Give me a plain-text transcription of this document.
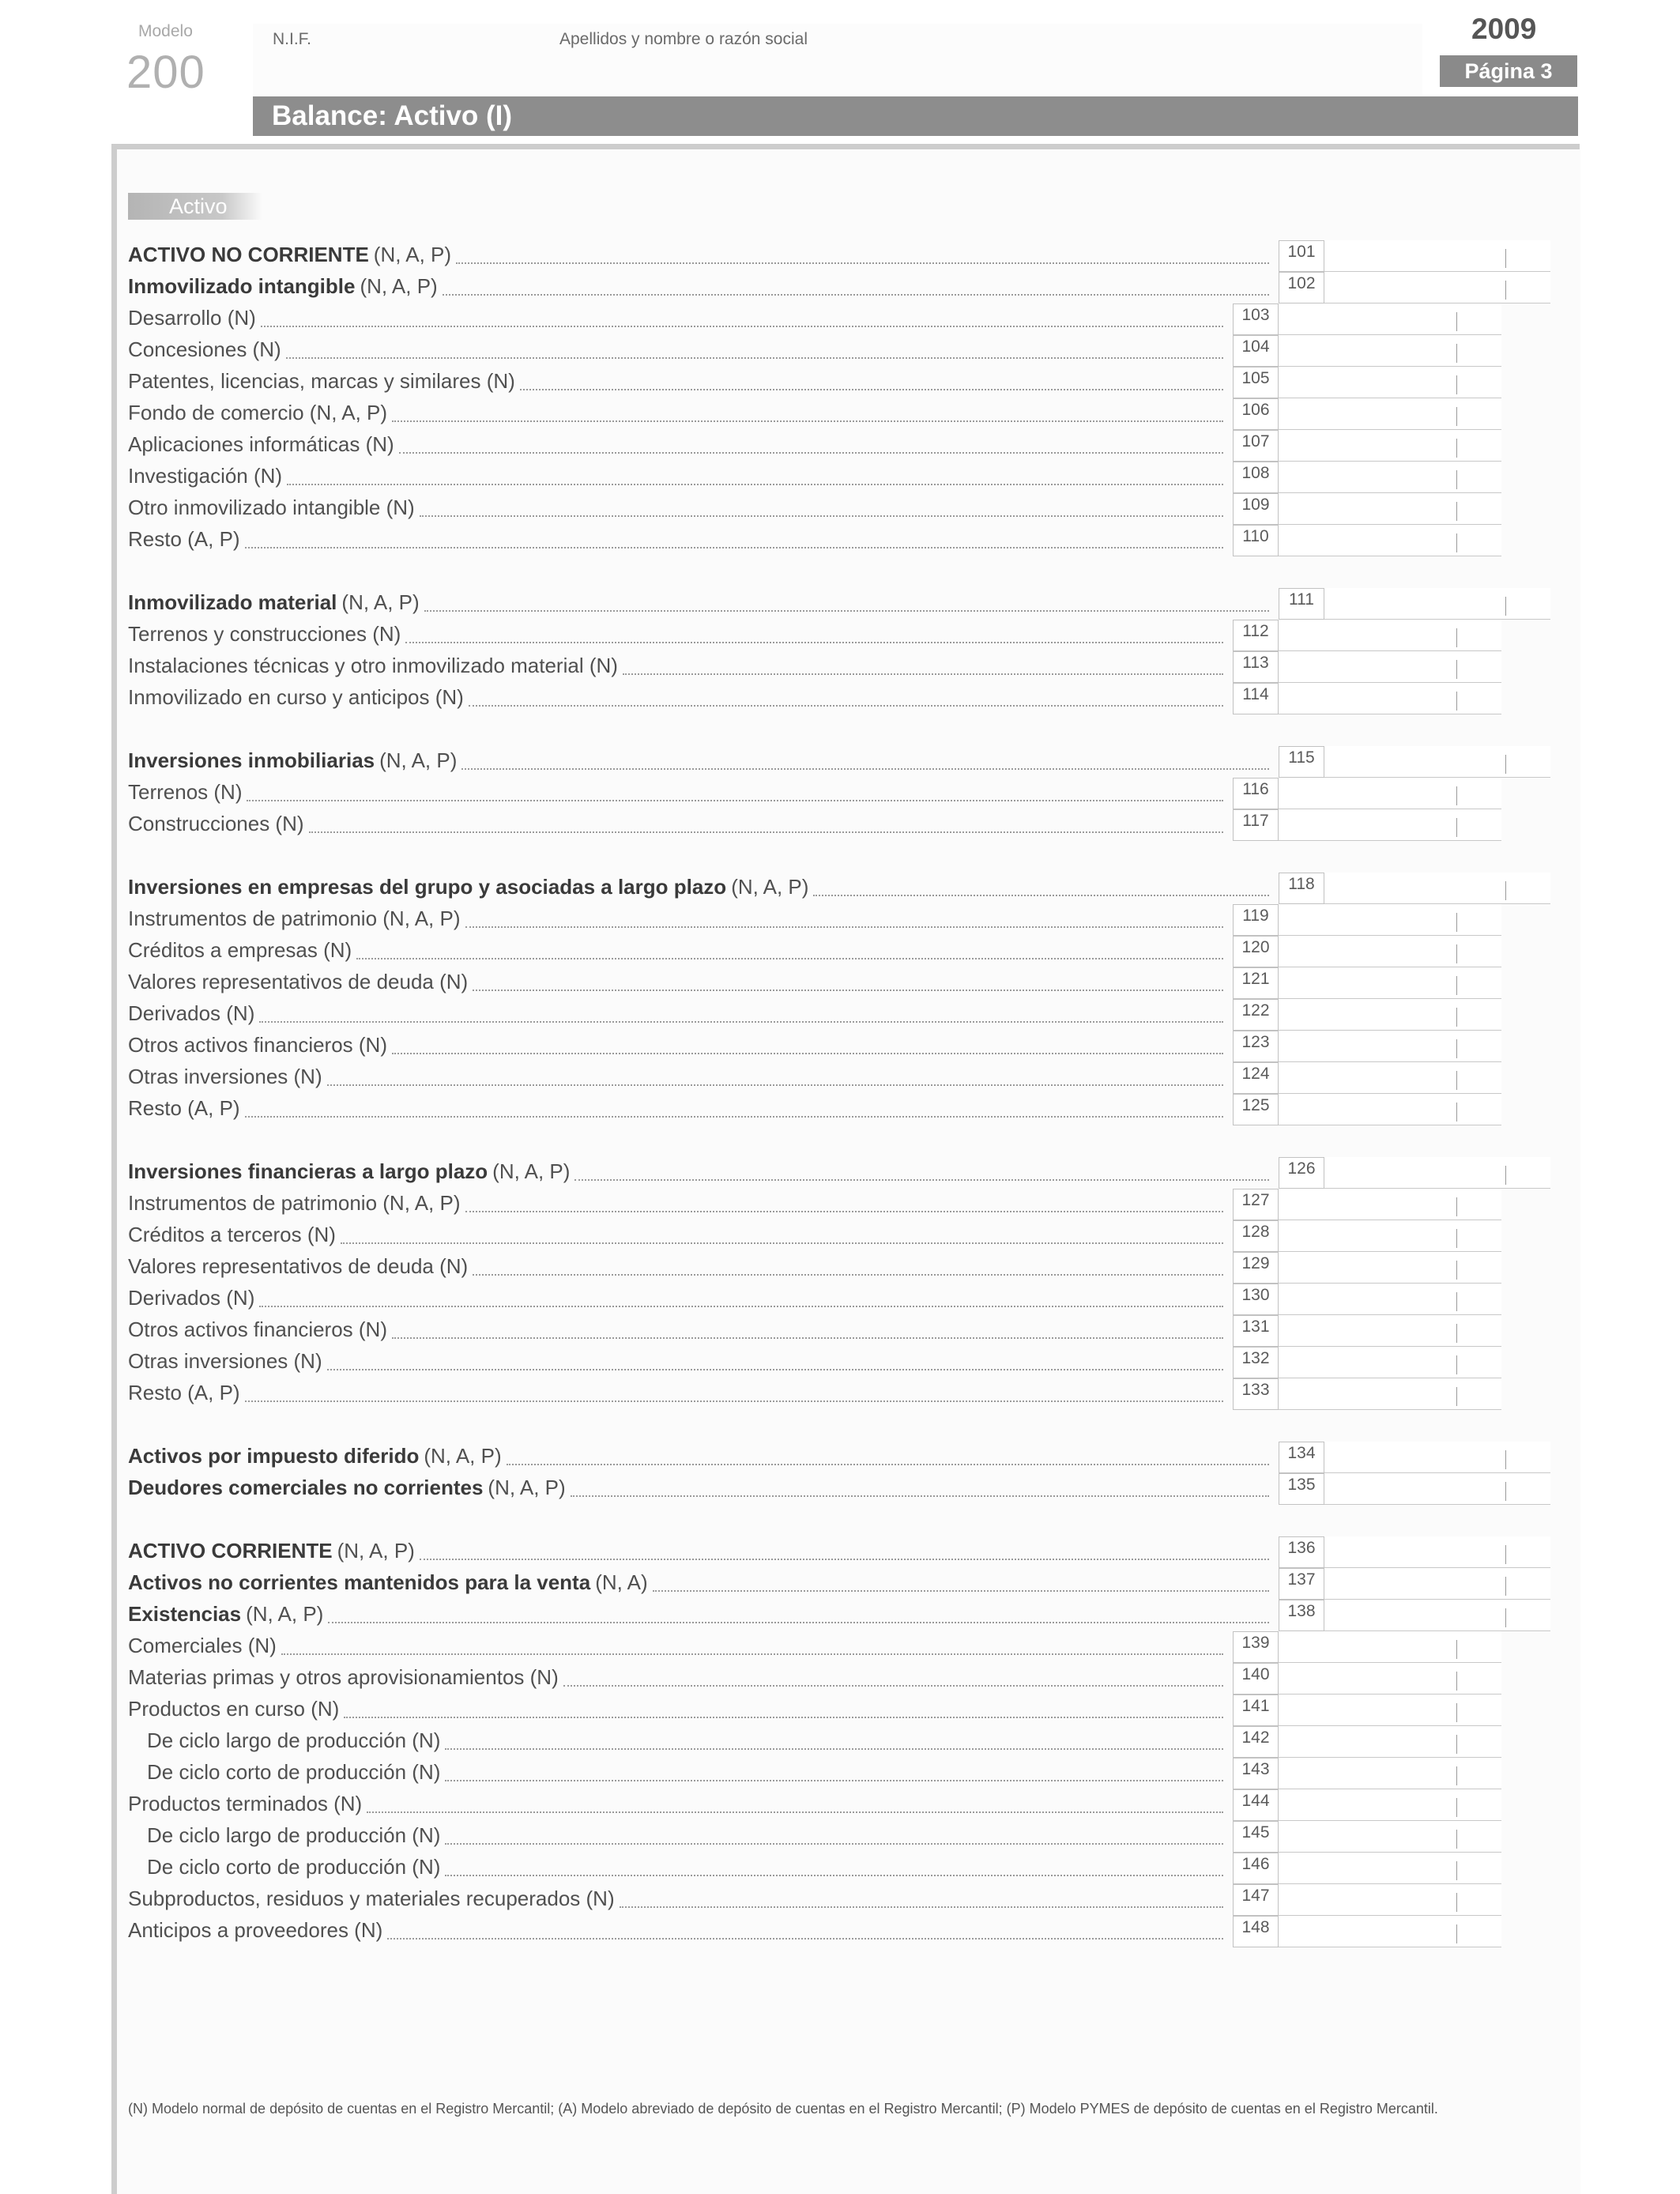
Modelo
200
N.I.F.	Apellidos y nombre o razón social	2009
Página 3
Balance: Activo (I)
Activo
ACTIVO NO CORRIENTE (N, A, P)	101
Inmovilizado intangible (N, A, P)	102
Desarrollo (N)	103
Concesiones (N)	104
Patentes, licencias, marcas y similares (N)	105
Fondo de comercio (N, A, P)	106
Aplicaciones informáticas (N)	107
Investigación (N)	108
Otro inmovilizado intangible (N)	109
Resto (A, P)	110
Inmovilizado material (N, A, P)	111
Terrenos y construcciones (N)	112
Instalaciones técnicas y otro inmovilizado material (N)	113
Inmovilizado en curso y anticipos (N)	114
Inversiones inmobiliarias (N, A, P)	115
Terrenos (N)	116
Construcciones (N)	117
Inversiones en empresas del grupo y asociadas a largo plazo (N, A, P)	118
Instrumentos de patrimonio (N, A, P)	119
Créditos a empresas (N)	120
Valores representativos de deuda (N)	121
Derivados (N)	122
Otros activos financieros (N)	123
Otras inversiones (N)	124
Resto (A, P)	125
Inversiones financieras a largo plazo (N, A, P)	126
Instrumentos de patrimonio (N, A, P)	127
Créditos a terceros (N)	128
Valores representativos de deuda (N)	129
Derivados (N)	130
Otros activos financieros (N)	131
Otras inversiones (N)	132
Resto (A, P)	133
Activos por impuesto diferido (N, A, P)	134
Deudores comerciales no corrientes (N, A, P)	135
ACTIVO CORRIENTE (N, A, P)	136
Activos no corrientes mantenidos para la venta (N, A)	137
Existencias (N, A, P)	138
Comerciales (N)	139
Materias primas y otros aprovisionamientos (N)	140
Productos en curso (N)	141
De ciclo largo de producción (N)	142
De ciclo corto de producción (N)	143
Productos terminados (N)	144
De ciclo largo de producción (N)	145
De ciclo corto de producción (N)	146
Subproductos, residuos y materiales recuperados (N)	147
Anticipos a proveedores (N)	148
(N) Modelo normal de depósito de cuentas en el Registro Mercantil; (A) Modelo abreviado de depósito de cuentas en el Registro Mercantil; (P) Modelo PYMES de depósito de cuentas en el Registro Mercantil.
